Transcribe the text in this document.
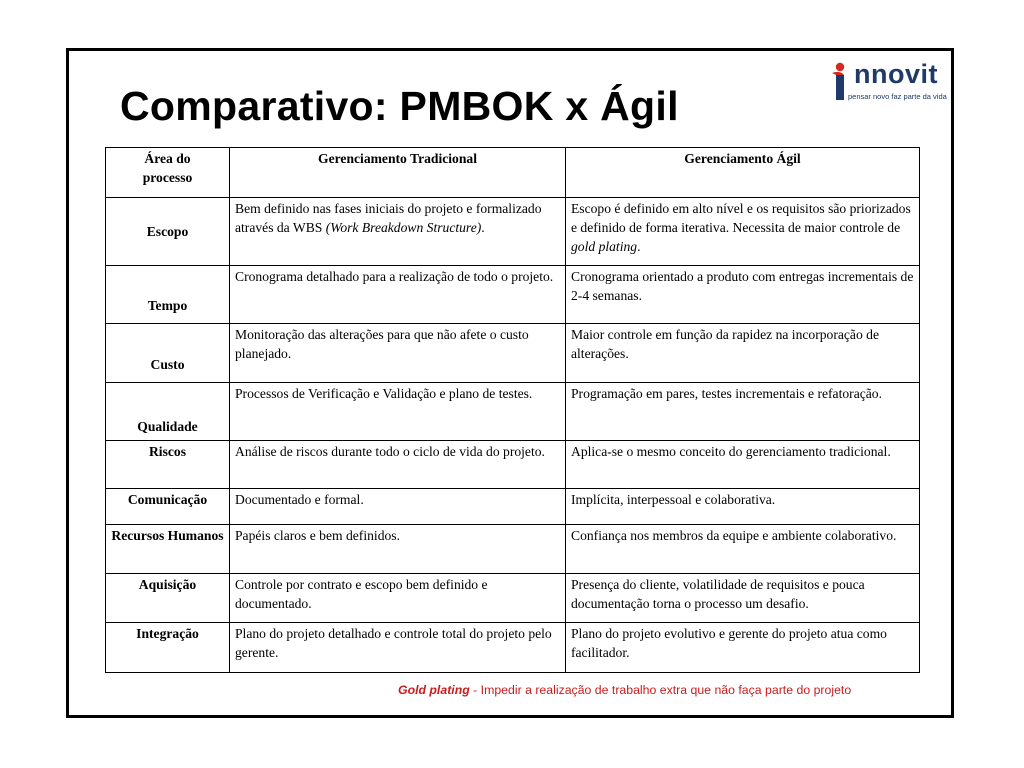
Comparativo: PMBOK x Ágil
nnovit
pensar novo faz parte da vida
Área do processo	Gerenciamento Tradicional	Gerenciamento Ágil
Escopo	Bem definido nas fases iniciais do projeto e formalizado através da WBS (Work Breakdown Structure).	Escopo é definido em alto nível e os requisitos são priorizados e definido de forma iterativa. Necessita de maior controle de gold plating.
Tempo	Cronograma detalhado para a realização de todo o projeto.	Cronograma orientado a produto com entregas incrementais de 2-4 semanas.
Custo	Monitoração das alterações para que não afete o custo planejado.	Maior controle em função da rapidez na incorporação de alterações.
Qualidade	Processos de Verificação e Validação e plano de testes.	Programação em pares, testes incrementais e refatoração.
Riscos	Análise de riscos durante todo o ciclo de vida do projeto.	Aplica-se o mesmo conceito do gerenciamento tradicional.
Comunicação	Documentado e formal.	Implícita, interpessoal e colaborativa.
Recursos Humanos	Papéis claros e bem definidos.	Confiança nos membros da equipe e ambiente colaborativo.
Aquisição	Controle por contrato e escopo bem definido e documentado.	Presença do cliente, volatilidade de requisitos e pouca documentação torna o processo um desafio.
Integração	Plano do projeto detalhado e controle total do projeto pelo gerente.	Plano do projeto evolutivo e gerente do projeto atua como facilitador.
Gold plating - Impedir a realização de trabalho extra que não faça parte do projeto
